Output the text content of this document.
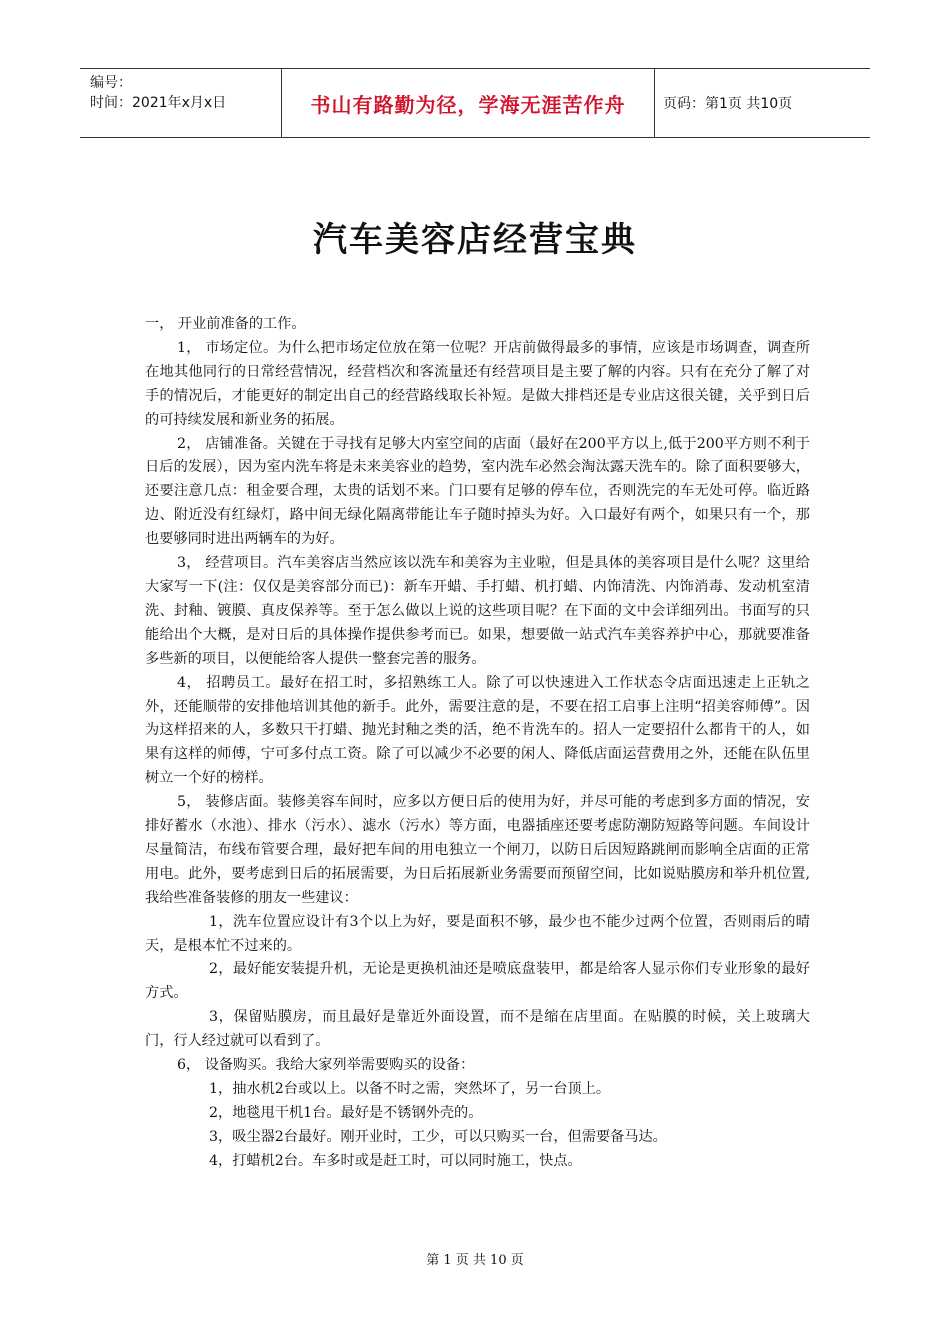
编号：
时间：2021年x月x日	书山有路勤为径，学海无涯苦作舟	页码：第1页 共10页
汽车美容店经营宝典

一， 开业前准备的工作。

1， 市场定位。为什么把市场定位放在第一位呢？开店前做得最多的事情，应该是市场调查，调查所在地其他同行的日常经营情况，经营档次和客流量还有经营项目是主要了解的内容。只有在充分了解了对手的情况后，才能更好的制定出自己的经营路线取长补短。是做大排档还是专业店这很关键，关乎到日后的可持续发展和新业务的拓展。

2， 店铺准备。关键在于寻找有足够大内室空间的店面（最好在200平方以上,低于200平方则不利于日后的发展），因为室内洗车将是未来美容业的趋势，室内洗车必然会淘汰露天洗车的。除了面积要够大，还要注意几点：租金要合理，太贵的话划不来。门口要有足够的停车位，否则洗完的车无处可停。临近路边、附近没有红绿灯，路中间无绿化隔离带能让车子随时掉头为好。入口最好有两个，如果只有一个，那也要够同时进出两辆车的为好。

3， 经营项目。汽车美容店当然应该以洗车和美容为主业啦，但是具体的美容项目是什么呢？这里给大家写一下(注：仅仅是美容部分而已)：新车开蜡、手打蜡、机打蜡、内饰清洗、内饰消毒、发动机室清洗、封釉、镀膜、真皮保养等。至于怎么做以上说的这些项目呢？在下面的文中会详细列出。书面写的只能给出个大概，是对日后的具体操作提供参考而已。如果，想要做一站式汽车美容养护中心，那就要准备多些新的项目，以便能给客人提供一整套完善的服务。

4， 招聘员工。最好在招工时，多招熟练工人。除了可以快速进入工作状态令店面迅速走上正轨之外，还能顺带的安排他培训其他的新手。此外，需要注意的是，不要在招工启事上注明“招美容师傅”。因为这样招来的人，多数只干打蜡、抛光封釉之类的活，绝不肯洗车的。招人一定要招什么都肯干的人，如果有这样的师傅，宁可多付点工资。除了可以减少不必要的闲人、降低店面运营费用之外，还能在队伍里树立一个好的榜样。

5， 装修店面。装修美容车间时，应多以方便日后的使用为好，并尽可能的考虑到多方面的情况，安排好蓄水（水池）、排水（污水）、滤水（污水）等方面，电器插座还要考虑防潮防短路等问题。车间设计尽量简洁，布线布管要合理，最好把车间的用电独立一个闸刀，以防日后因短路跳闸而影响全店面的正常用电。此外，要考虑到日后的拓展需要，为日后拓展新业务需要而预留空间，比如说贴膜房和举升机位置,我给些准备装修的朋友一些建议：

1，洗车位置应设计有3个以上为好，要是面积不够，最少也不能少过两个位置，否则雨后的晴天，是根本忙不过来的。

2，最好能安装提升机，无论是更换机油还是喷底盘装甲，都是给客人显示你们专业形象的最好方式。

3，保留贴膜房，而且最好是靠近外面设置，而不是缩在店里面。在贴膜的时候，关上玻璃大门，行人经过就可以看到了。

6， 设备购买。我给大家列举需要购买的设备：

1，抽水机2台或以上。以备不时之需，突然坏了，另一台顶上。

2，地毯甩干机1台。最好是不锈钢外壳的。

3，吸尘器2台最好。刚开业时，工少，可以只购买一台，但需要备马达。

4，打蜡机2台。车多时或是赶工时，可以同时施工，快点。

第 1 页 共 10 页
